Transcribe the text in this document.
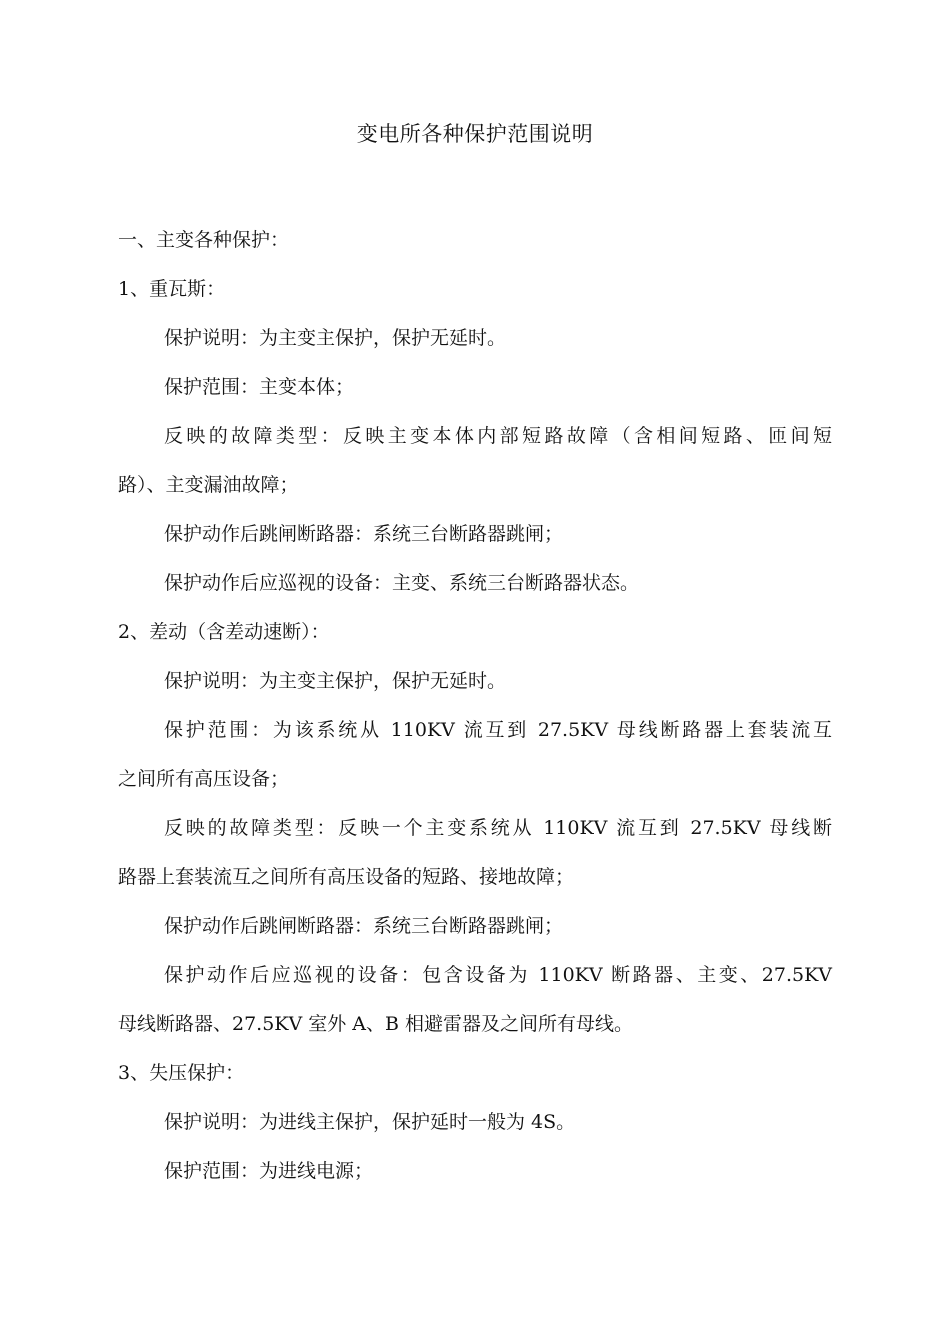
变电所各种保护范围说明

一、主变各种保护：

1、重瓦斯：

保护说明：为主变主保护，保护无延时。

保护范围：主变本体；

反映的故障类型：反映主变本体内部短路故障（含相间短路、匝间短

路）、主变漏油故障；

保护动作后跳闸断路器：系统三台断路器跳闸；

保护动作后应巡视的设备：主变、系统三台断路器状态。

2、差动（含差动速断）：

保护说明：为主变主保护，保护无延时。

保护范围：为该系统从 110KV 流互到 27.5KV 母线断路器上套装流互

之间所有高压设备；

反映的故障类型：反映一个主变系统从 110KV 流互到 27.5KV 母线断

路器上套装流互之间所有高压设备的短路、接地故障；

保护动作后跳闸断路器：系统三台断路器跳闸；

保护动作后应巡视的设备：包含设备为 110KV 断路器、主变、27.5KV

母线断路器、27.5KV 室外 A、B 相避雷器及之间所有母线。

3、失压保护：

保护说明：为进线主保护，保护延时一般为 4S。

保护范围：为进线电源；
